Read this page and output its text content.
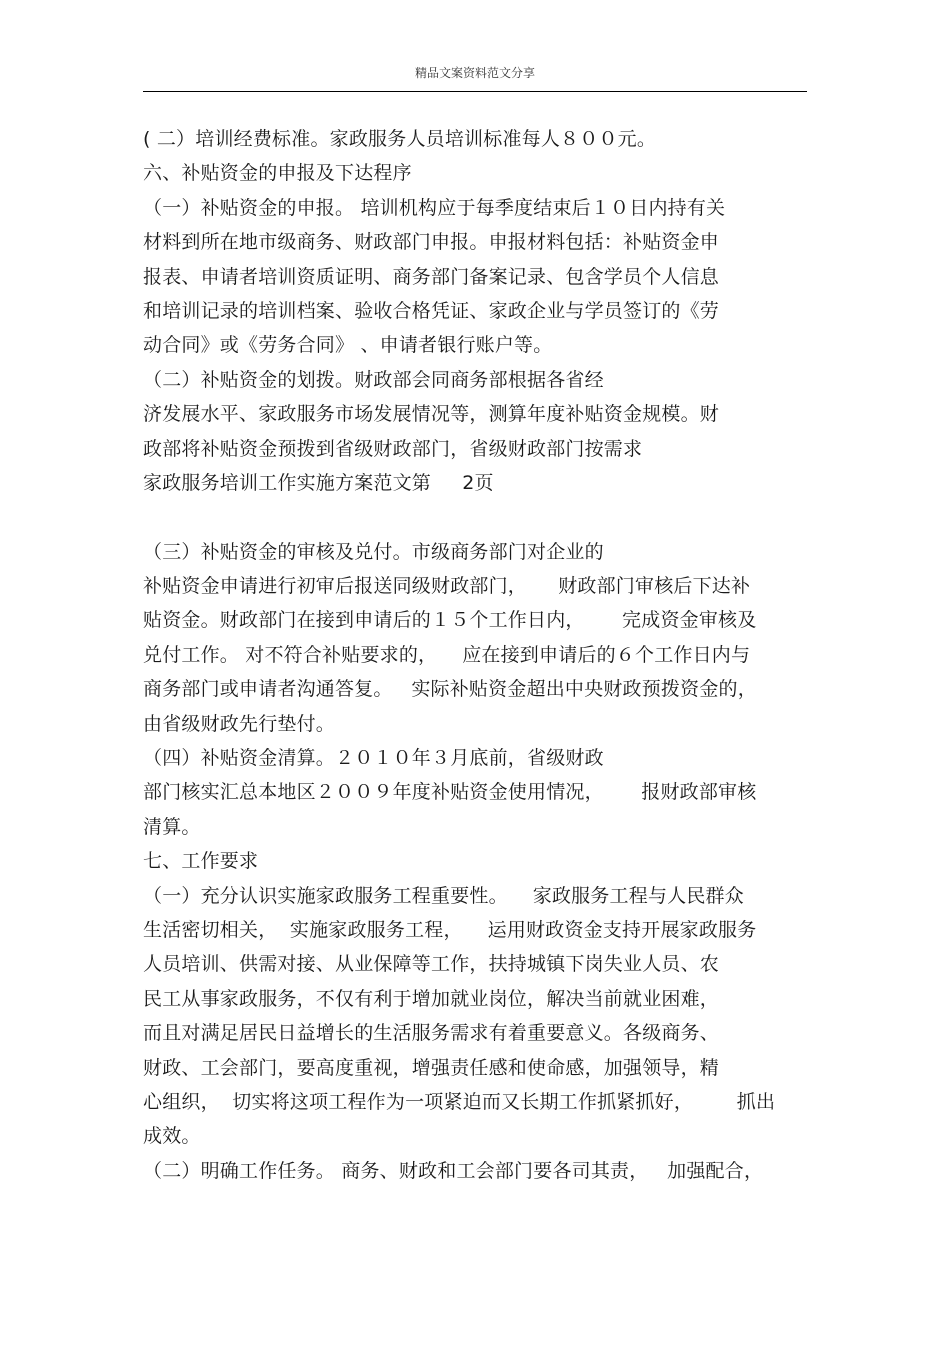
精品文案资料范文分享
( 二）培训经费标准。家政服务人员培训标准每人８００元。
六、补贴资金的申报及下达程序
（一）补贴资金的申报。 培训机构应于每季度结束后１０日内持有关
材料到所在地市级商务、财政部门申报。申报材料包括：补贴资金申
报表、申请者培训资质证明、商务部门备案记录、包含学员个人信息
和培训记录的培训档案、验收合格凭证、家政企业与学员签订的《劳
动合同》或《劳务合同》 、申请者银行账户等。
（二）补贴资金的划拨。财政部会同商务部根据各省经
济发展水平、家政服务市场发展情况等，测算年度补贴资金规模。财
政部将补贴资金预拨到省级财政部门，省级财政部门按需求
家政服务培训工作实施方案范文第     2页
（三）补贴资金的审核及兑付。市级商务部门对企业的
补贴资金申请进行初审后报送同级财政部门，     财政部门审核后下达补
贴资金。财政部门在接到申请后的１５个工作日内，      完成资金审核及
兑付工作。 对不符合补贴要求的，    应在接到申请后的６个工作日内与
商务部门或申请者沟通答复。   实际补贴资金超出中央财政预拨资金的，
由省级财政先行垫付。
（四）补贴资金清算。２０１０年３月底前，省级财政
部门核实汇总本地区２００９年度补贴资金使用情况，      报财政部审核
清算。
七、工作要求
（一）充分认识实施家政服务工程重要性。    家政服务工程与人民群众
生活密切相关，  实施家政服务工程，    运用财政资金支持开展家政服务
人员培训、供需对接、从业保障等工作，扶持城镇下岗失业人员、农
民工从事家政服务，不仅有利于增加就业岗位，解决当前就业困难，
而且对满足居民日益增长的生活服务需求有着重要意义。各级商务、
财政、工会部门，要高度重视，增强责任感和使命感，加强领导，精
心组织，  切实将这项工程作为一项紧迫而又长期工作抓紧抓好，       抓出
成效。
（二）明确工作任务。 商务、财政和工会部门要各司其责，   加强配合，
